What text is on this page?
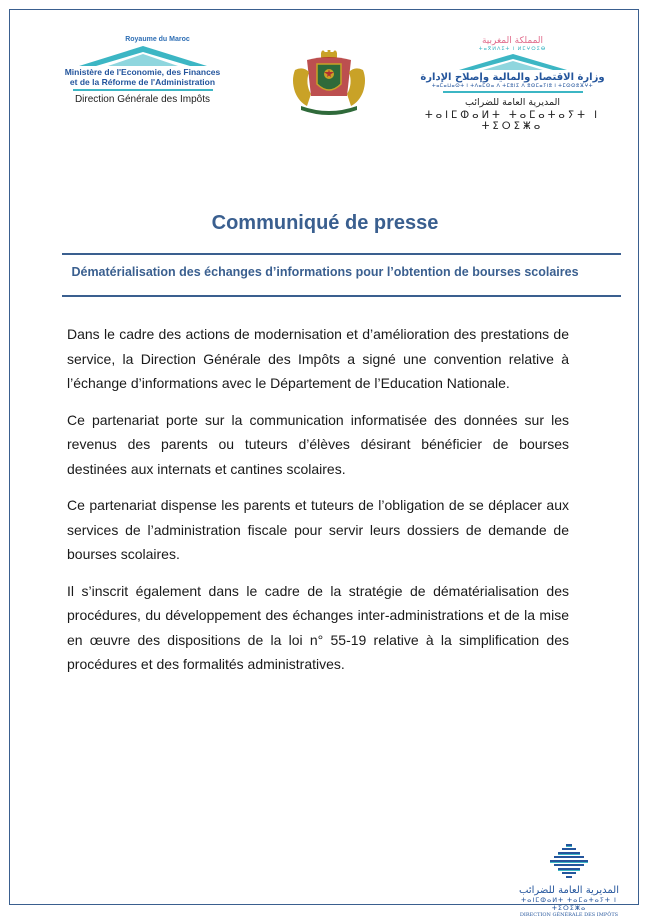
Royaume du Maroc
Ministère de l'Economie, des Finances
et de la Réforme de l'Administration
Direction Générale des Impôts
المملكة المغربية
ⵜⴰⴳⵍⴷⵉⵜ ⵏ ⵍⵎⵖⵔⵉⴱ
وزارة الاقتصاد والمالية وإصلاح الإدارة
ⵜⴰⵎⴰⵡⴰⵙⵜ ⵏ ⵜⴷⴰⵎⵙⴰ ⴷ ⵜⵎⵓⵏⵉ ⴷ ⵓⵙⵎⴰⵢⵏⵓ ⵏ ⵜⵎⵙⵙⵓⴼⵖⵜ
المديرية العامة للضرائب
ⵜⴰⵏⵎⵀⴰⵍⵜ ⵜⴰⵎⴰⵜⴰⵢⵜ ⵏ ⵜⵉⵔⵉⵥⴰ
Communiqué de presse
Dématérialisation des échanges d’informations pour l’obtention de bourses scolaires

Dans le cadre des actions de modernisation et d’amélioration des prestations de service, la Direction Générale des Impôts a signé une convention relative à l’échange d’informations avec le Département de l’Education Nationale.

Ce partenariat porte sur la communication informatisée des données sur les revenus des parents ou tuteurs d’élèves désirant bénéficier de bourses destinées aux internats et cantines scolaires.

Ce partenariat dispense les parents et tuteurs de l’obligation de se déplacer aux services de l’administration fiscale pour servir leurs dossiers de demande de bourses scolaires.

Il s’inscrit également dans le cadre de la stratégie de dématérialisation des procédures, du développement des échanges inter-administrations et de la mise en œuvre des dispositions de la loi n° 55-19 relative à la simplification des procédures et des formalités administratives.

المديرية العامة للضرائب
ⵜⴰⵏⵎⵀⴰⵍⵜ ⵜⴰⵎⴰⵜⴰⵢⵜ ⵏ ⵜⵉⵔⵉⵥⴰ
DIRECTION GÉNÉRALE DES IMPÔTS
